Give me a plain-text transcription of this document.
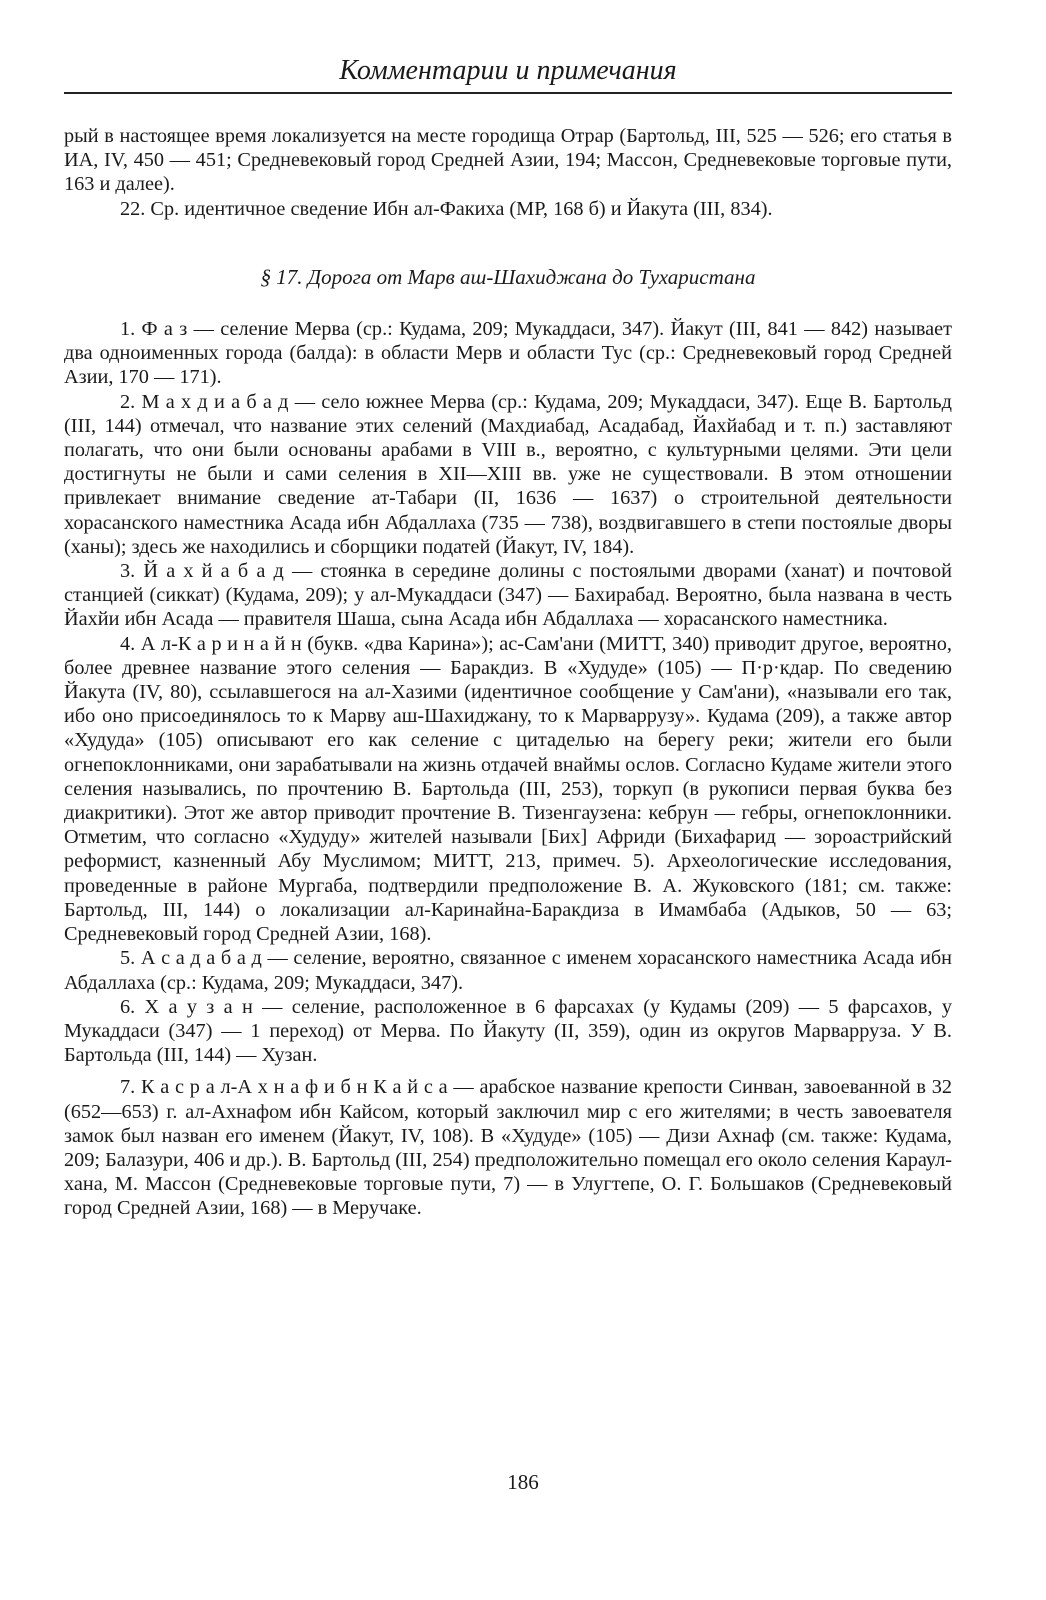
Комментарии и примечания

рый в настоящее время локализуется на месте городища Отрар (Бартольд, III, 525 — 526; его статья в ИА, IV, 450 — 451; Средневековый город Средней Азии, 194; Массон, Средневековые торговые пути, 163 и далее).

22. Ср. идентичное сведение Ибн ал-Факиха (МР, 168 б) и Йакута (III, 834).

§ 17. Дорога от Марв аш-Шахиджана до Тухаристана

1. Ф а з — селение Мерва (ср.: Кудама, 209; Мукаддаси, 347). Йакут (III, 841 — 842) называет два одноименных города (балда): в области Мерв и области Тус (ср.: Средневековый город Средней Азии, 170 — 171).

2. М а х д и а б а д — село южнее Мерва (ср.: Кудама, 209; Мукаддаси, 347). Еще В. Бартольд (III, 144) отмечал, что название этих селений (Махдиабад, Асадабад, Йахйабад и т. п.) заставляют полагать, что они были основаны арабами в VIII в., вероятно, с культурными целями. Эти цели достигнуты не были и сами селения в XII—XIII вв. уже не существовали. В этом отношении привлекает внимание сведение ат-Табари (II, 1636 — 1637) о строительной деятельности хорасанского наместника Асада ибн Абдаллаха (735 — 738), воздвигавшего в степи постоялые дворы (ханы); здесь же находились и сборщики податей (Йакут, IV, 184).

3. Й а х й а б а д — стоянка в середине долины с постоялыми дворами (ханат) и почтовой станцией (сиккат) (Кудама, 209); у ал-Мукаддаси (347) — Бахирабад. Вероятно, была названа в честь Йахйи ибн Асада — правителя Шаша, сына Асада ибн Абдаллаха — хорасанского наместника.

4. А л-К а р и н а й н (букв. «два Карина»); ас-Сам'ани (МИТТ, 340) приводит другое, вероятно, более древнее название этого селения — Баракдиз. В «Худуде» (105) — П·р·кдар. По сведению Йакута (IV, 80), ссылавшегося на ал-Хазими (идентичное сообщение у Сам'ани), «называли его так, ибо оно присоединялось то к Марву аш-Шахиджану, то к Марваррузу». Кудама (209), а также автор «Худуда» (105) описывают его как селение с цитаделью на берегу реки; жители его были огнепоклонниками, они зарабатывали на жизнь отдачей внаймы ослов. Согласно Кудаме жители этого селения назывались, по прочтению В. Бартольда (III, 253), торкуп (в рукописи первая буква без диакритики). Этот же автор приводит прочтение В. Тизенгаузена: кебрун — гебры, огнепоклонники. Отметим, что согласно «Худуду» жителей называли [Бих] Африди (Бихафарид — зороастрийский реформист, казненный Абу Муслимом; МИТТ, 213, примеч. 5). Археологические исследования, проведенные в районе Мургаба, подтвердили предположение В. А. Жуковского (181; см. также: Бартольд, III, 144) о локализации ал-Каринайна-Баракдиза в Имамбаба (Адыков, 50 — 63; Средневековый город Средней Азии, 168).

5. А с а д а б а д — селение, вероятно, связанное с именем хорасанского наместника Асада ибн Абдаллаха (ср.: Кудама, 209; Мукаддаси, 347).

6. Х а у з а н — селение, расположенное в 6 фарсахах (у Кудамы (209) — 5 фарсахов, у Мукаддаси (347) — 1 переход) от Мерва. По Йакуту (II, 359), один из округов Марварруза. У В. Бартольда (III, 144) — Хузан.

7. К а с р а л-А х н а ф и б н К а й с а — арабское название крепости Синван, завоеванной в 32 (652—653) г. ал-Ахнафом ибн Кайсом, который заключил мир с его жителями; в честь завоевателя замок был назван его именем (Йакут, IV, 108). В «Худуде» (105) — Дизи Ахнаф (см. также: Кудама, 209; Балазури, 406 и др.). В. Бартольд (III, 254) предположительно помещал его около селения Караул-хана, М. Массон (Средневековые торговые пути, 7) — в Улугтепе, О. Г. Большаков (Средневековый город Средней Азии, 168) — в Меручаке.

186
